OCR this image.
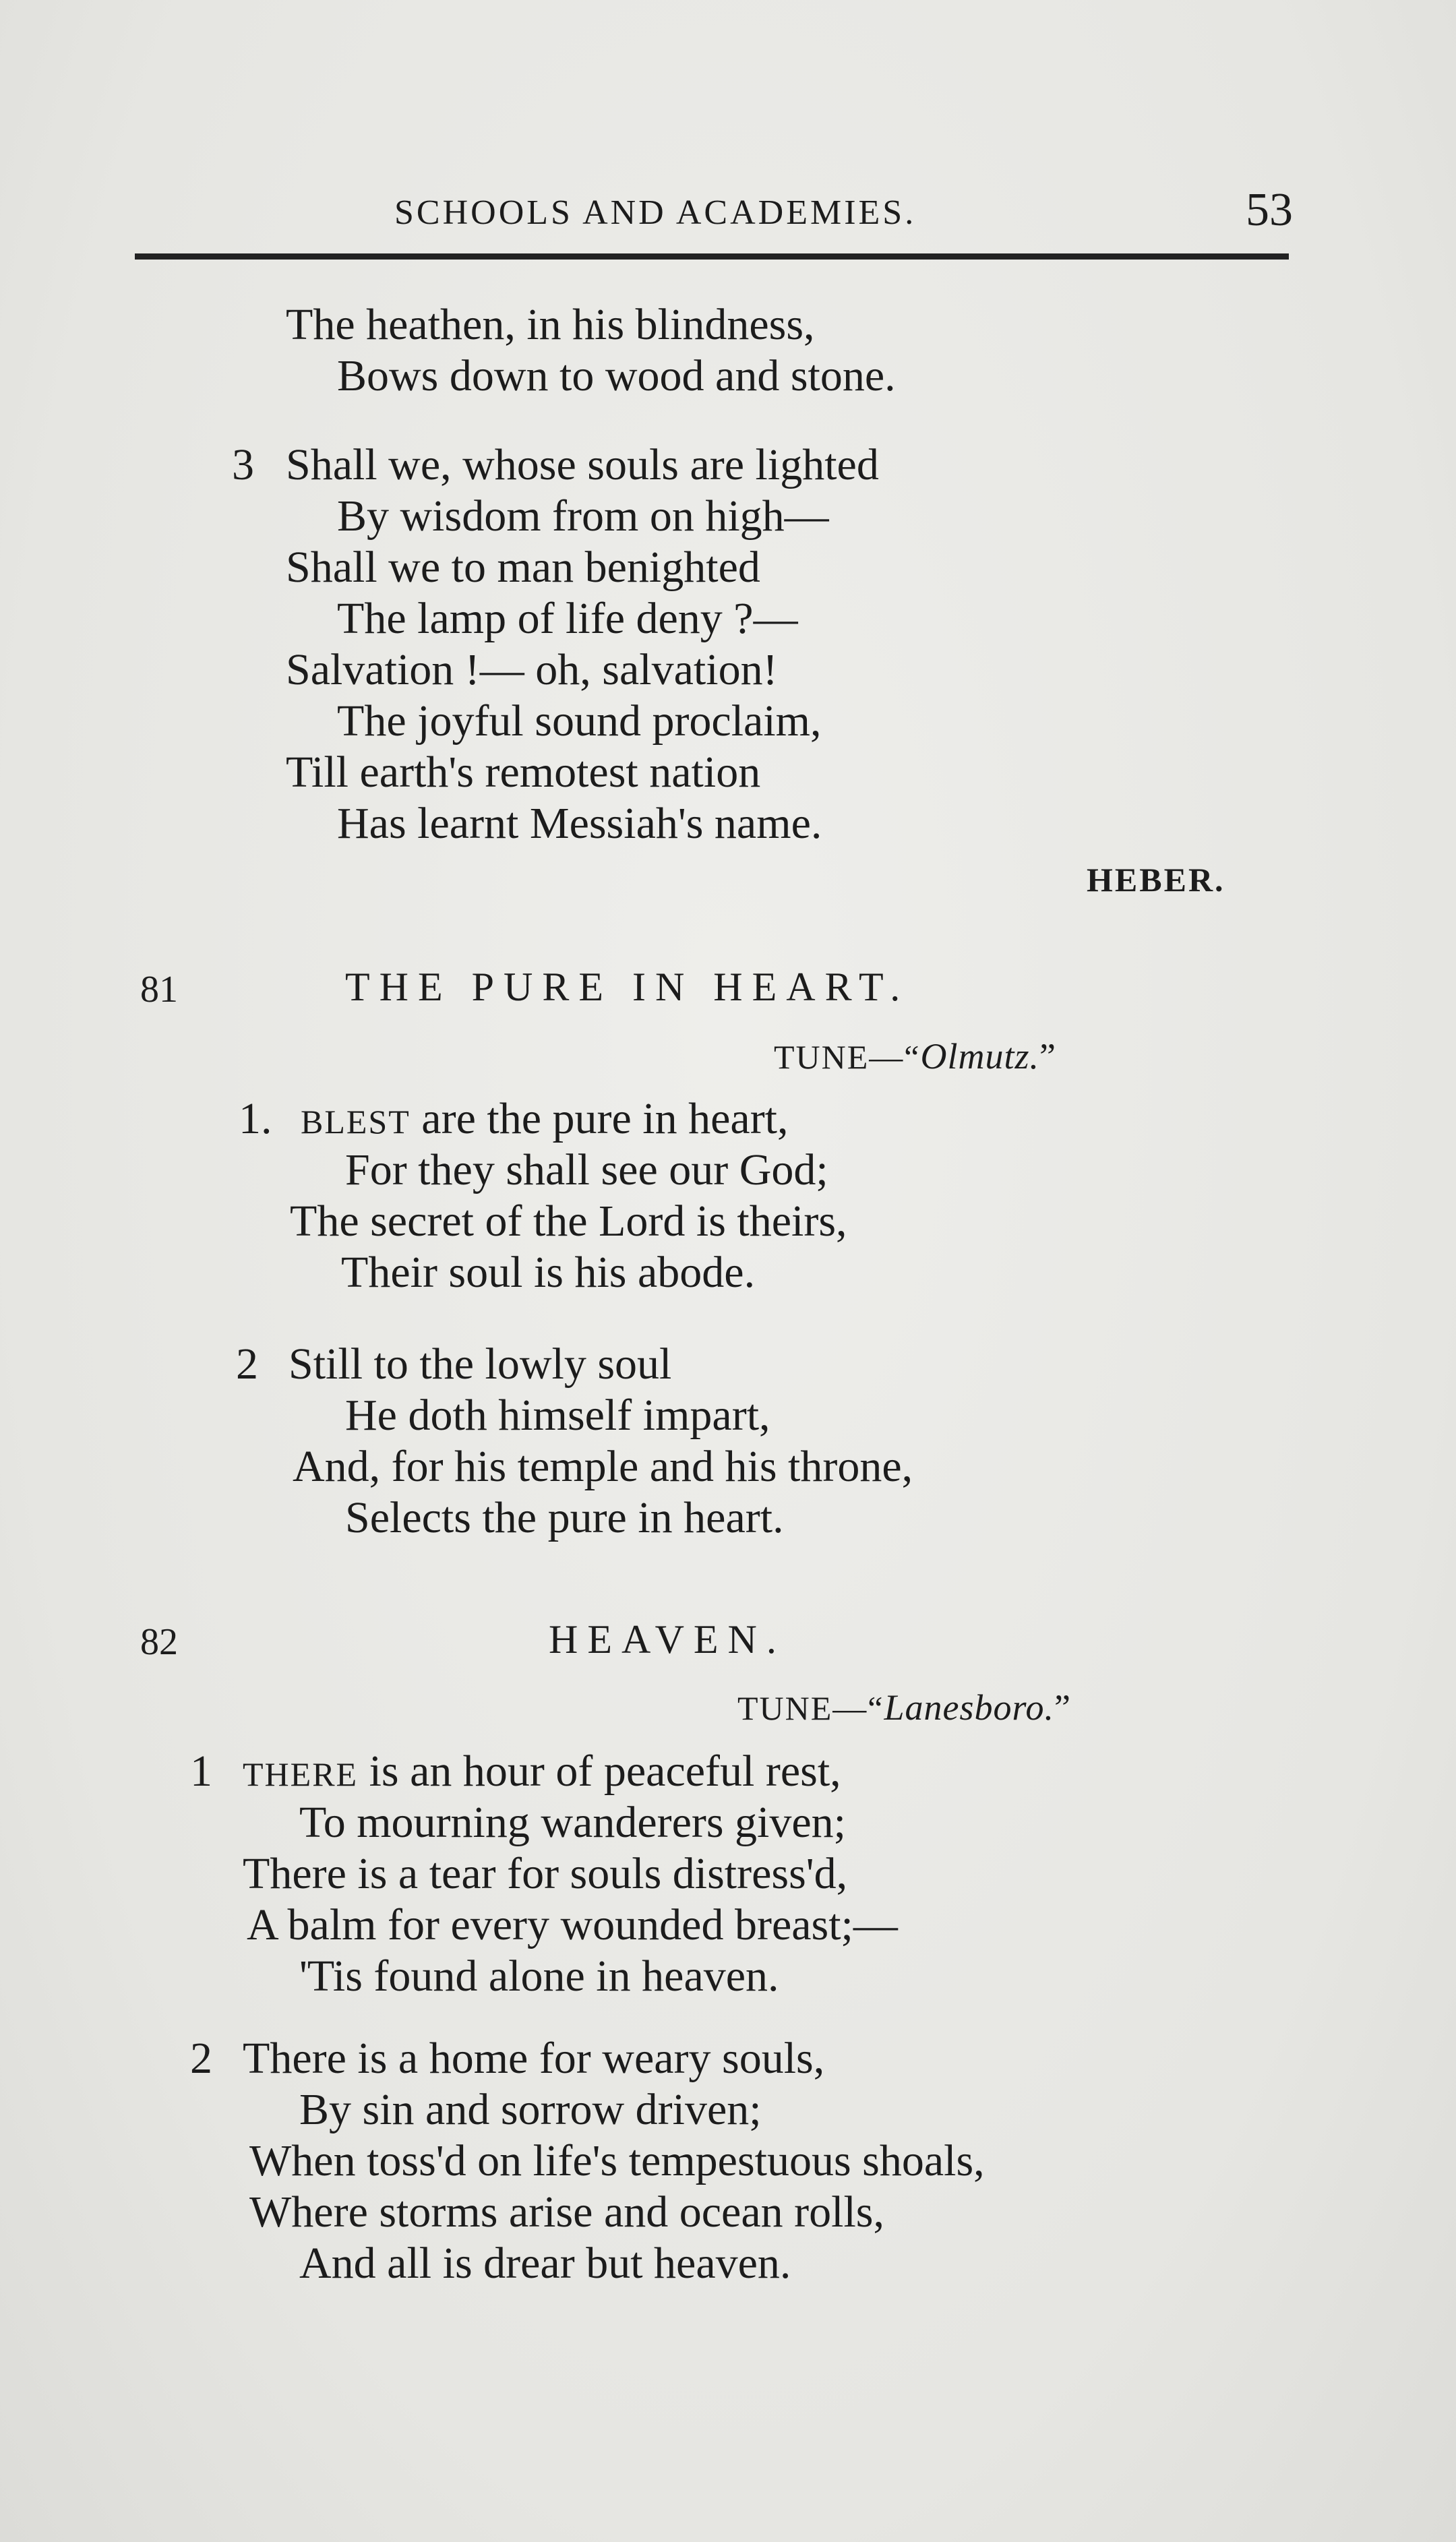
SCHOOLS AND ACADEMIES.	53
The heathen, in his blindness,
Bows down to wood and stone.
3 Shall we, whose souls are lighted
By wisdom from on high—
Shall we to man benighted
The lamp of life deny ?—
Salvation !— oh, salvation!
The joyful sound proclaim,
Till earth's remotest nation
Has learnt Messiah's name.
HEBER.
81	THE PURE IN HEART.
TUNE—“Olmutz.”
1. BLEST are the pure in heart,
For they shall see our God;
The secret of the Lord is theirs,
Their soul is his abode.
2 Still to the lowly soul
He doth himself impart,
And, for his temple and his throne,
Selects the pure in heart.
82	HEAVEN.
TUNE—“Lanesboro.”
1 THERE is an hour of peaceful rest,
To mourning wanderers given;
There is a tear for souls distress'd,
A balm for every wounded breast;—
'Tis found alone in heaven.
2 There is a home for weary souls,
By sin and sorrow driven;
When toss'd on life's tempestuous shoals,
Where storms arise and ocean rolls,
And all is drear but heaven.
